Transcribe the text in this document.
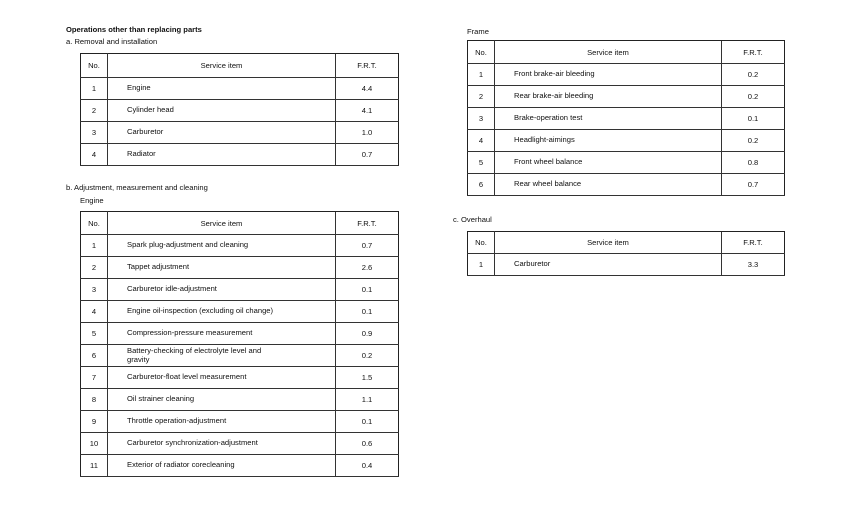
Operations other than replacing parts
a. Removal and installation
No.	Service item	F.R.T.
1	Engine	4.4
2	Cylinder head	4.1
3	Carburetor	1.0
4	Radiator	0.7
b. Adjustment, measurement and cleaning
Engine
No.	Service item	F.R.T.
1	Spark plug-adjustment and cleaning	0.7
2	Tappet adjustment	2.6
3	Carburetor idle-adjustment	0.1
4	Engine oil-inspection (excluding oil change)	0.1
5	Compression-pressure measurement	0.9
6	Battery-checking of electrolyte level and gravity	0.2
7	Carburetor-float level measurement	1.5
8	Oil strainer cleaning	1.1
9	Throttle operation-adjustment	0.1
10	Carburetor synchronization-adjustment	0.6
11	Exterior of radiator corecleaning	0.4
Frame
No.	Service item	F.R.T.
1	Front brake-air bleeding	0.2
2	Rear brake-air bleeding	0.2
3	Brake-operation test	0.1
4	Headlight-aimings	0.2
5	Front wheel balance	0.8
6	Rear wheel balance	0.7
c. Overhaul
No.	Service item	F.R.T.
1	Carburetor	3.3
